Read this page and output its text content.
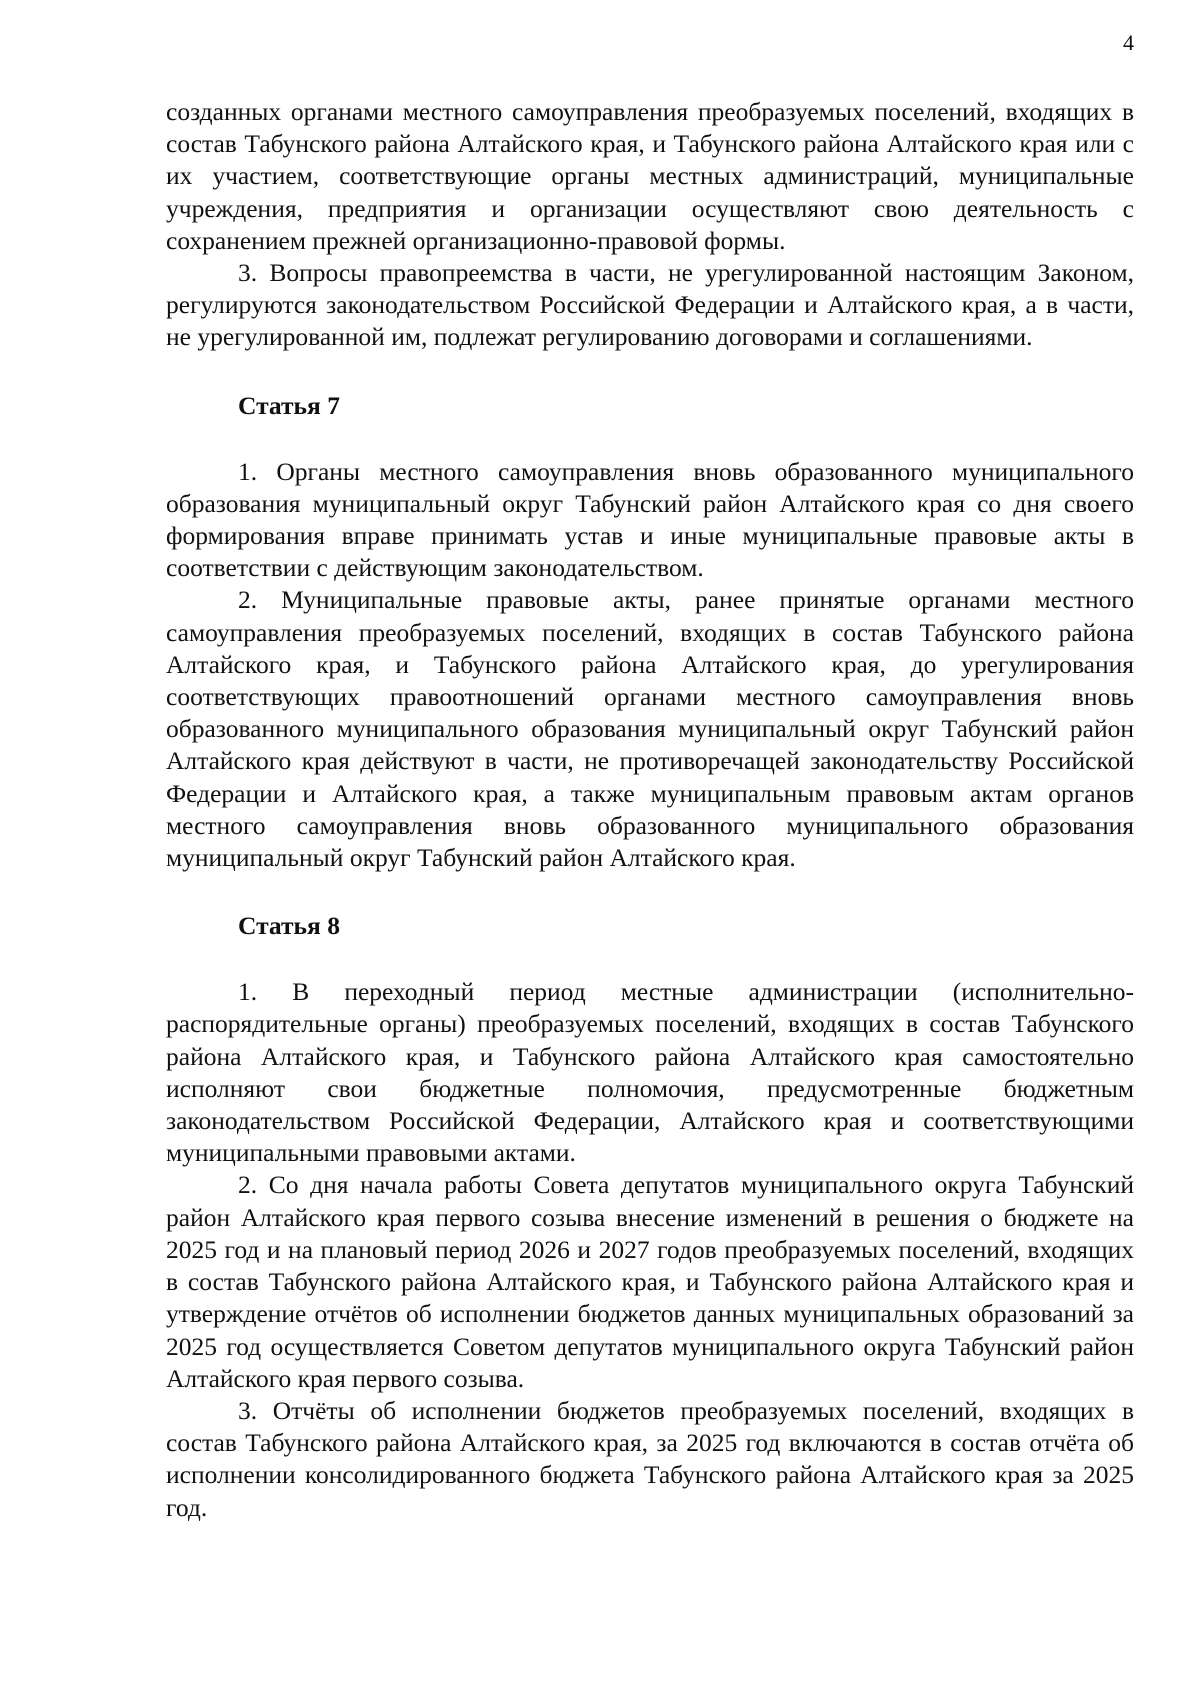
4

созданных органами местного самоуправления преобразуемых поселений, входящих в состав Табунского района Алтайского края, и Табунского района Алтайского края или с их участием, соответствующие органы местных администраций, муниципальные учреждения, предприятия и организации осуществляют свою деятельность с сохранением прежней организационно-правовой формы.

3. Вопросы правопреемства в части, не урегулированной настоящим Законом, регулируются законодательством Российской Федерации и Алтайского края, а в части, не урегулированной им, подлежат регулированию договорами и соглашениями.

Статья 7

1. Органы местного самоуправления вновь образованного муниципального образования муниципальный округ Табунский район Алтайского края со дня своего формирования вправе принимать устав и иные муниципальные правовые акты в соответствии с действующим законодательством.

2. Муниципальные правовые акты, ранее принятые органами местного самоуправления преобразуемых поселений, входящих в состав Табунского района Алтайского края, и Табунского района Алтайского края, до урегулирования соответствующих правоотношений органами местного самоуправления вновь образованного муниципального образования муниципальный округ Табунский район Алтайского края действуют в части, не противоречащей законодательству Российской Федерации и Алтайского края, а также муниципальным правовым актам органов местного самоуправления вновь образованного муниципального образования муниципальный округ Табунский район Алтайского края.

Статья 8

1. В переходный период местные администрации (исполнительно-распорядительные органы) преобразуемых поселений, входящих в состав Табунского района Алтайского края, и Табунского района Алтайского края самостоятельно исполняют свои бюджетные полномочия, предусмотренные бюджетным законодательством Российской Федерации, Алтайского края и соответствующими муниципальными правовыми актами.

2. Со дня начала работы Совета депутатов муниципального округа Табунский район Алтайского края первого созыва внесение изменений в решения о бюджете на 2025 год и на плановый период 2026 и 2027 годов преобразуемых поселений, входящих в состав Табунского района Алтайского края, и Табунского района Алтайского края и утверждение отчётов об исполнении бюджетов данных муниципальных образований за 2025 год осуществляется Советом депутатов муниципального округа Табунский район Алтайского края первого созыва.

3. Отчёты об исполнении бюджетов преобразуемых поселений, входящих в состав Табунского района Алтайского края, за 2025 год включаются в состав отчёта об исполнении консолидированного бюджета Табунского района Алтайского края за 2025 год.
